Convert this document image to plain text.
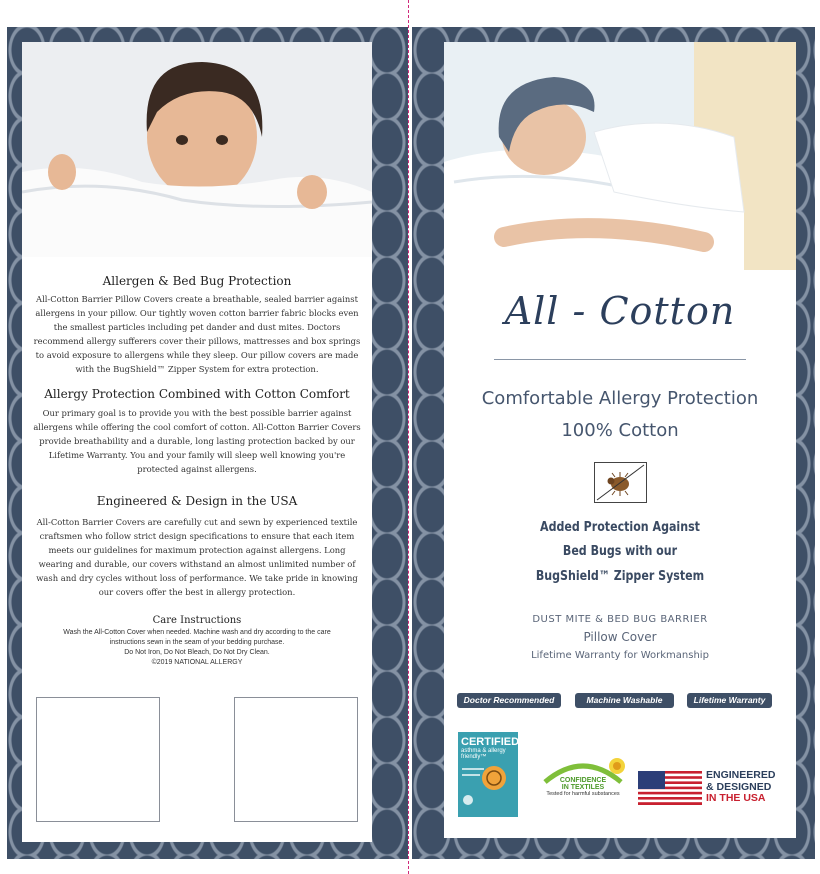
Allergen & Bed Bug Protection
All-Cotton Barrier Pillow Covers create a breathable, sealed barrier against allergens in your pillow. Our tightly woven cotton barrier fabric blocks even the smallest particles including pet dander and dust mites. Doctors recommend allergy sufferers cover their pillows, mattresses and box springs to avoid exposure to allergens while they sleep. Our pillow covers are made with the BugShield™ Zipper System for extra protection.
Allergy Protection Combined with Cotton Comfort
Our primary goal is to provide you with the best possible barrier against allergens while offering the cool comfort of cotton. All-Cotton Barrier Covers provide breathability and a durable, long lasting protection backed by our Lifetime Warranty. You and your family will sleep well knowing you're protected against allergens.
Engineered & Design in the USA
All-Cotton Barrier Covers are carefully cut and sewn by experienced textile craftsmen who follow strict design specifications to ensure that each item meets our guidelines for maximum protection against allergens. Long wearing and durable, our covers withstand an almost unlimited number of wash and dry cycles without loss of performance. We take pride in knowing our covers offer the best in allergy protection.
Care Instructions
Wash the All-Cotton Cover when needed. Machine wash and dry according to the care
instructions sewn in the seam of your bedding purchase.
Do Not Iron, Do Not Bleach, Do Not Dry Clean.
©2019 NATIONAL ALLERGY
All - Cotton
Comfortable Allergy Protection
100% Cotton
Added Protection Against
Bed Bugs with our
BugShield™ Zipper System
DUST MITE & BED BUG BARRIER
Pillow Cover
Lifetime Warranty for Workmanship
Doctor Recommended	Machine Washable	Lifetime Warranty
CERTIFIED
asthma & allergy
friendly™
CONFIDENCE
IN TEXTILES
Tested for harmful substances
ENGINEERED
& DESIGNED
IN THE USA
